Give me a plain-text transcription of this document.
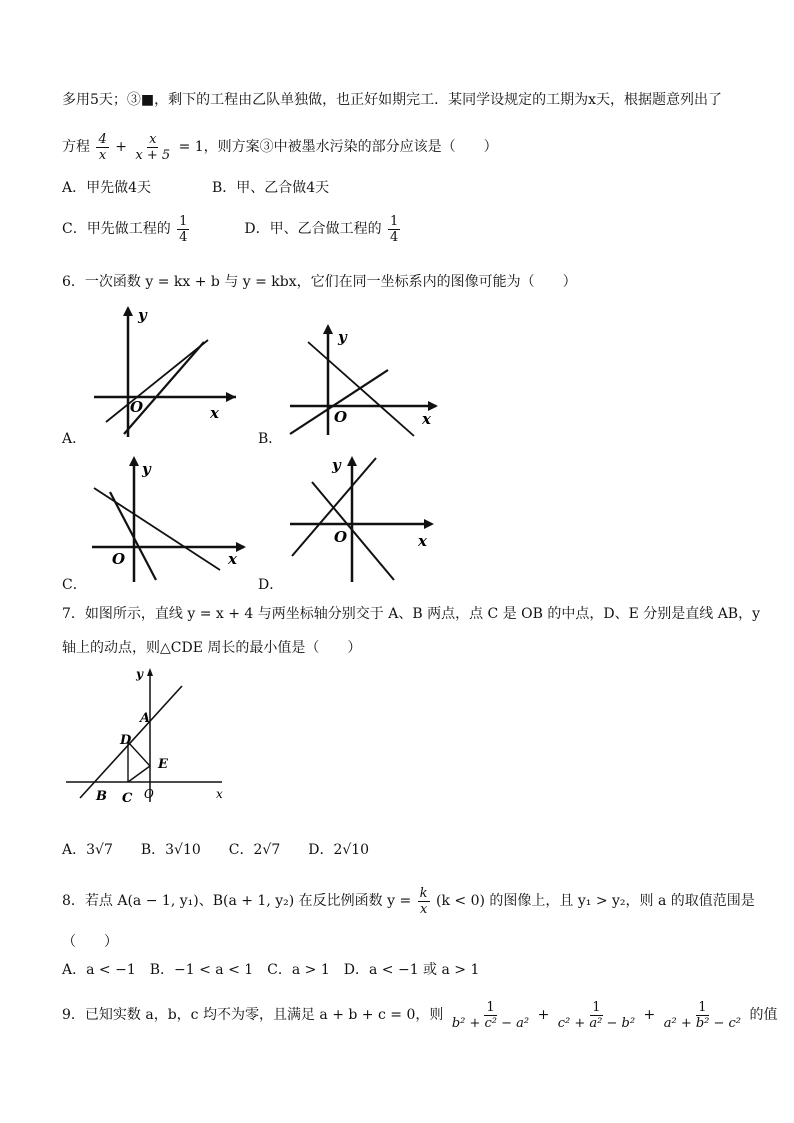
多用5天；③■，剩下的工程由乙队单独做，也正好如期完工．某同学设规定的工期为x天，根据题意列出了
方程 $\frac{4}{x} + \frac{x}{x + 5} = 1$，则方案③中被墨水污染的部分应该是（　　）
A．甲先做4天	B．甲、乙合做4天
C．甲先做工程的 $\frac{1}{4}$	D．甲、乙合做工程的 $\frac{1}{4}$
6．一次函数 y = kx + b 与 y = kbx，它们在同一坐标系内的图像可能为（　　）
A．
y
x
O
B．
y
x
O
C．
y
x
O
D．
y
x
O
7．如图所示，直线 y = x + 4 与两坐标轴分别交于 A、B 两点，点 C 是 OB 的中点，D、E 分别是直线 AB，y
轴上的动点，则△CDE 周长的最小值是（　　）
A
B C
D
E
O	x
y
A．3√7　　B．3√10　　C．2√7　　D．2√10
8．若点 A(a − 1, y₁)、B(a + 1, y₂) 在反比例函数 $y = \frac{k}{x} (k < 0)$ 的图像上，且 y₁ > y₂，则 a 的取值范围是
（　　）
A．a < −1　B．−1 < a < 1　C．a > 1　D．a < −1 或 a > 1
9．已知实数 a，b，c 均不为零，且满足 a + b + c = 0，则 $\frac{1}{\text{b² + c² − a²}} + \frac{1}{\text{c² + a² − b²}} + \frac{1}{\text{a² + b² − c²}}$ 的值
